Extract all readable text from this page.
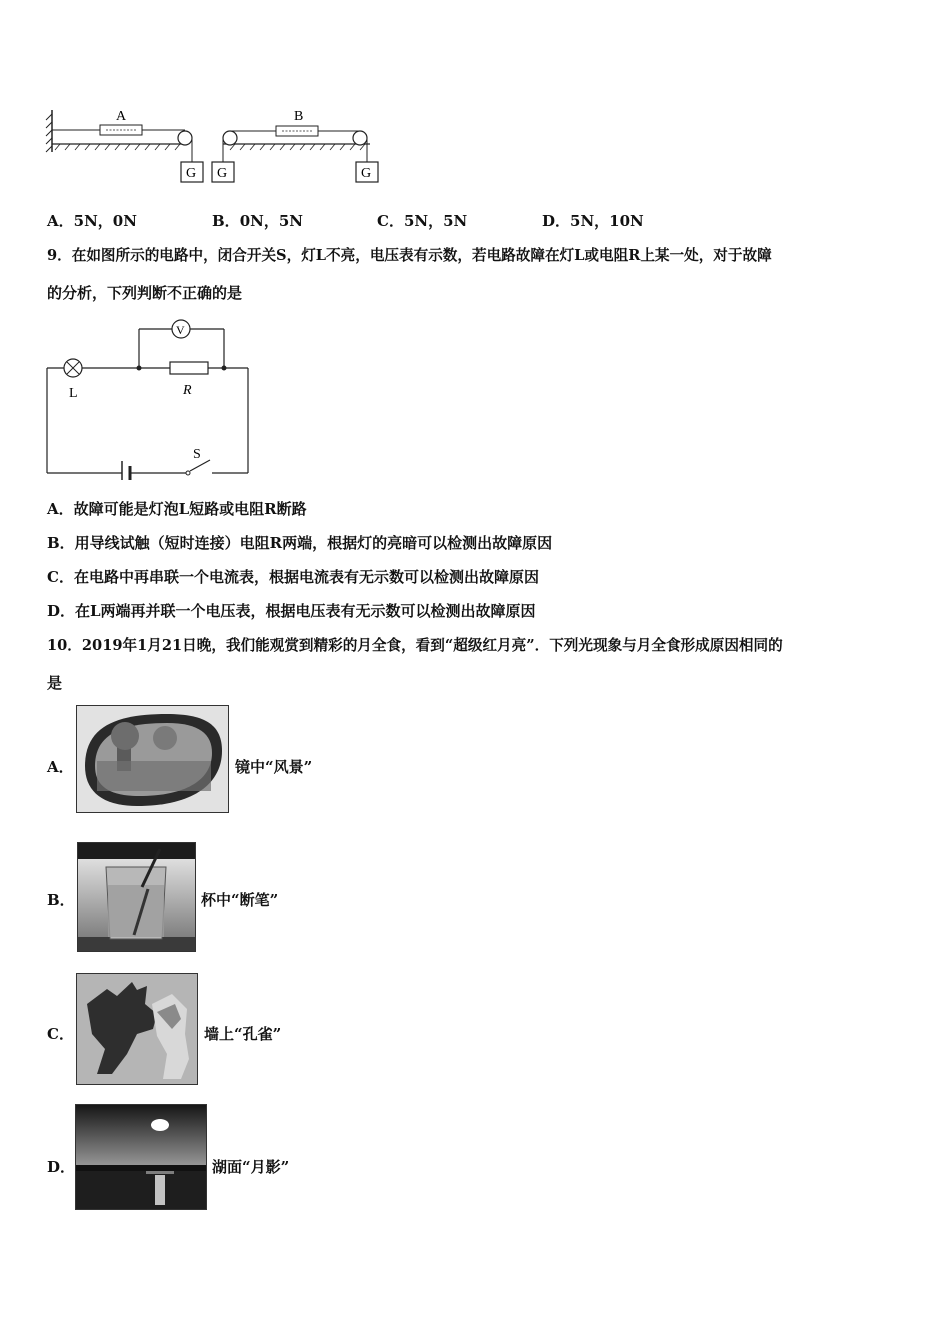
A
G
B
G	G
A．5N，0N	B．0N，5N	C．5N，5N	D．5N，10N
9．在如图所示的电路中，闭合开关S，灯L不亮，电压表有示数，若电路故障在灯L或电阻R上某一处，对于故障
的分析，下列判断不正确的是
L	R
V
S
A．故障可能是灯泡L短路或电阻R断路
B．用导线试触（短时连接）电阻R两端，根据灯的亮暗可以检测出故障原因
C．在电路中再串联一个电流表，根据电流表有无示数可以检测出故障原因
D．在L两端再并联一个电压表，根据电压表有无示数可以检测出故障原因
10．2019年1月21日晚，我们能观赏到精彩的月全食，看到“超级红月亮”．下列光现象与月全食形成原因相同的
是
A．	镜中“风景”
B．	杯中“断笔”
C．	墙上“孔雀”
D．	湖面“月影”
